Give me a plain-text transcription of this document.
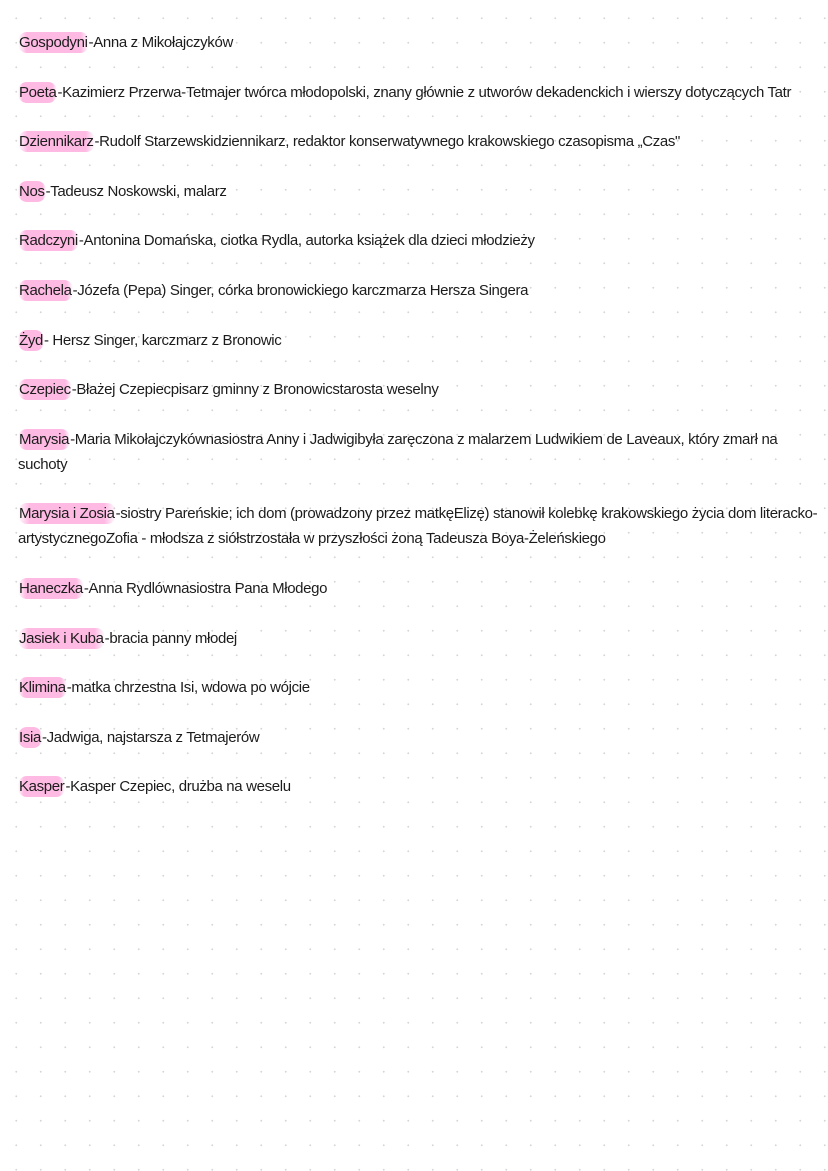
Gospodyni-Anna z Mikołajczyków
Poeta-Kazimierz Przerwa-Tetmajer twórca młodopolski, znany głównie z utworów dekadenckich i wierszy dotyczących Tatr
Dziennikarz-Rudolf Starzewskidziennikarz, redaktor konserwatywnego krakowskiego czasopisma „Czas"
Nos-Tadeusz Noskowski, malarz
Radczyni-Antonina Domańska, ciotka Rydla, autorka książek dla dzieci młodzieży
Rachela-Józefa (Pepa) Singer, córka bronowickiego karczmarza Hersza Singera
Żyd- Hersz Singer, karczmarz z Bronowic
Czepiec-Błażej Czepiecpisarz gminny z Bronowicstarosta weselny
Marysia-Maria Mikołajczykównasiostra Anny i Jadwigibyła zaręczona z malarzem Ludwikiem de Laveaux, który zmarł na suchoty
Marysia i Zosia-siostry Pareńskie; ich dom (prowadzony przez matkęElizę) stanowił kolebkę krakowskiego życia dom literacko-artystycznegoZofia - młodsza z siółstrzostała w przyszłości żoną Tadeusza Boya-Żeleńskiego
Haneczka-Anna Rydlównasiostra Pana Młodego
Jasiek i Kuba-bracia panny młodej
Klimina-matka chrzestna Isi, wdowa po wójcie
Isia-Jadwiga, najstarsza z Tetmajerów
Kasper-Kasper Czepiec, drużba na weselu
